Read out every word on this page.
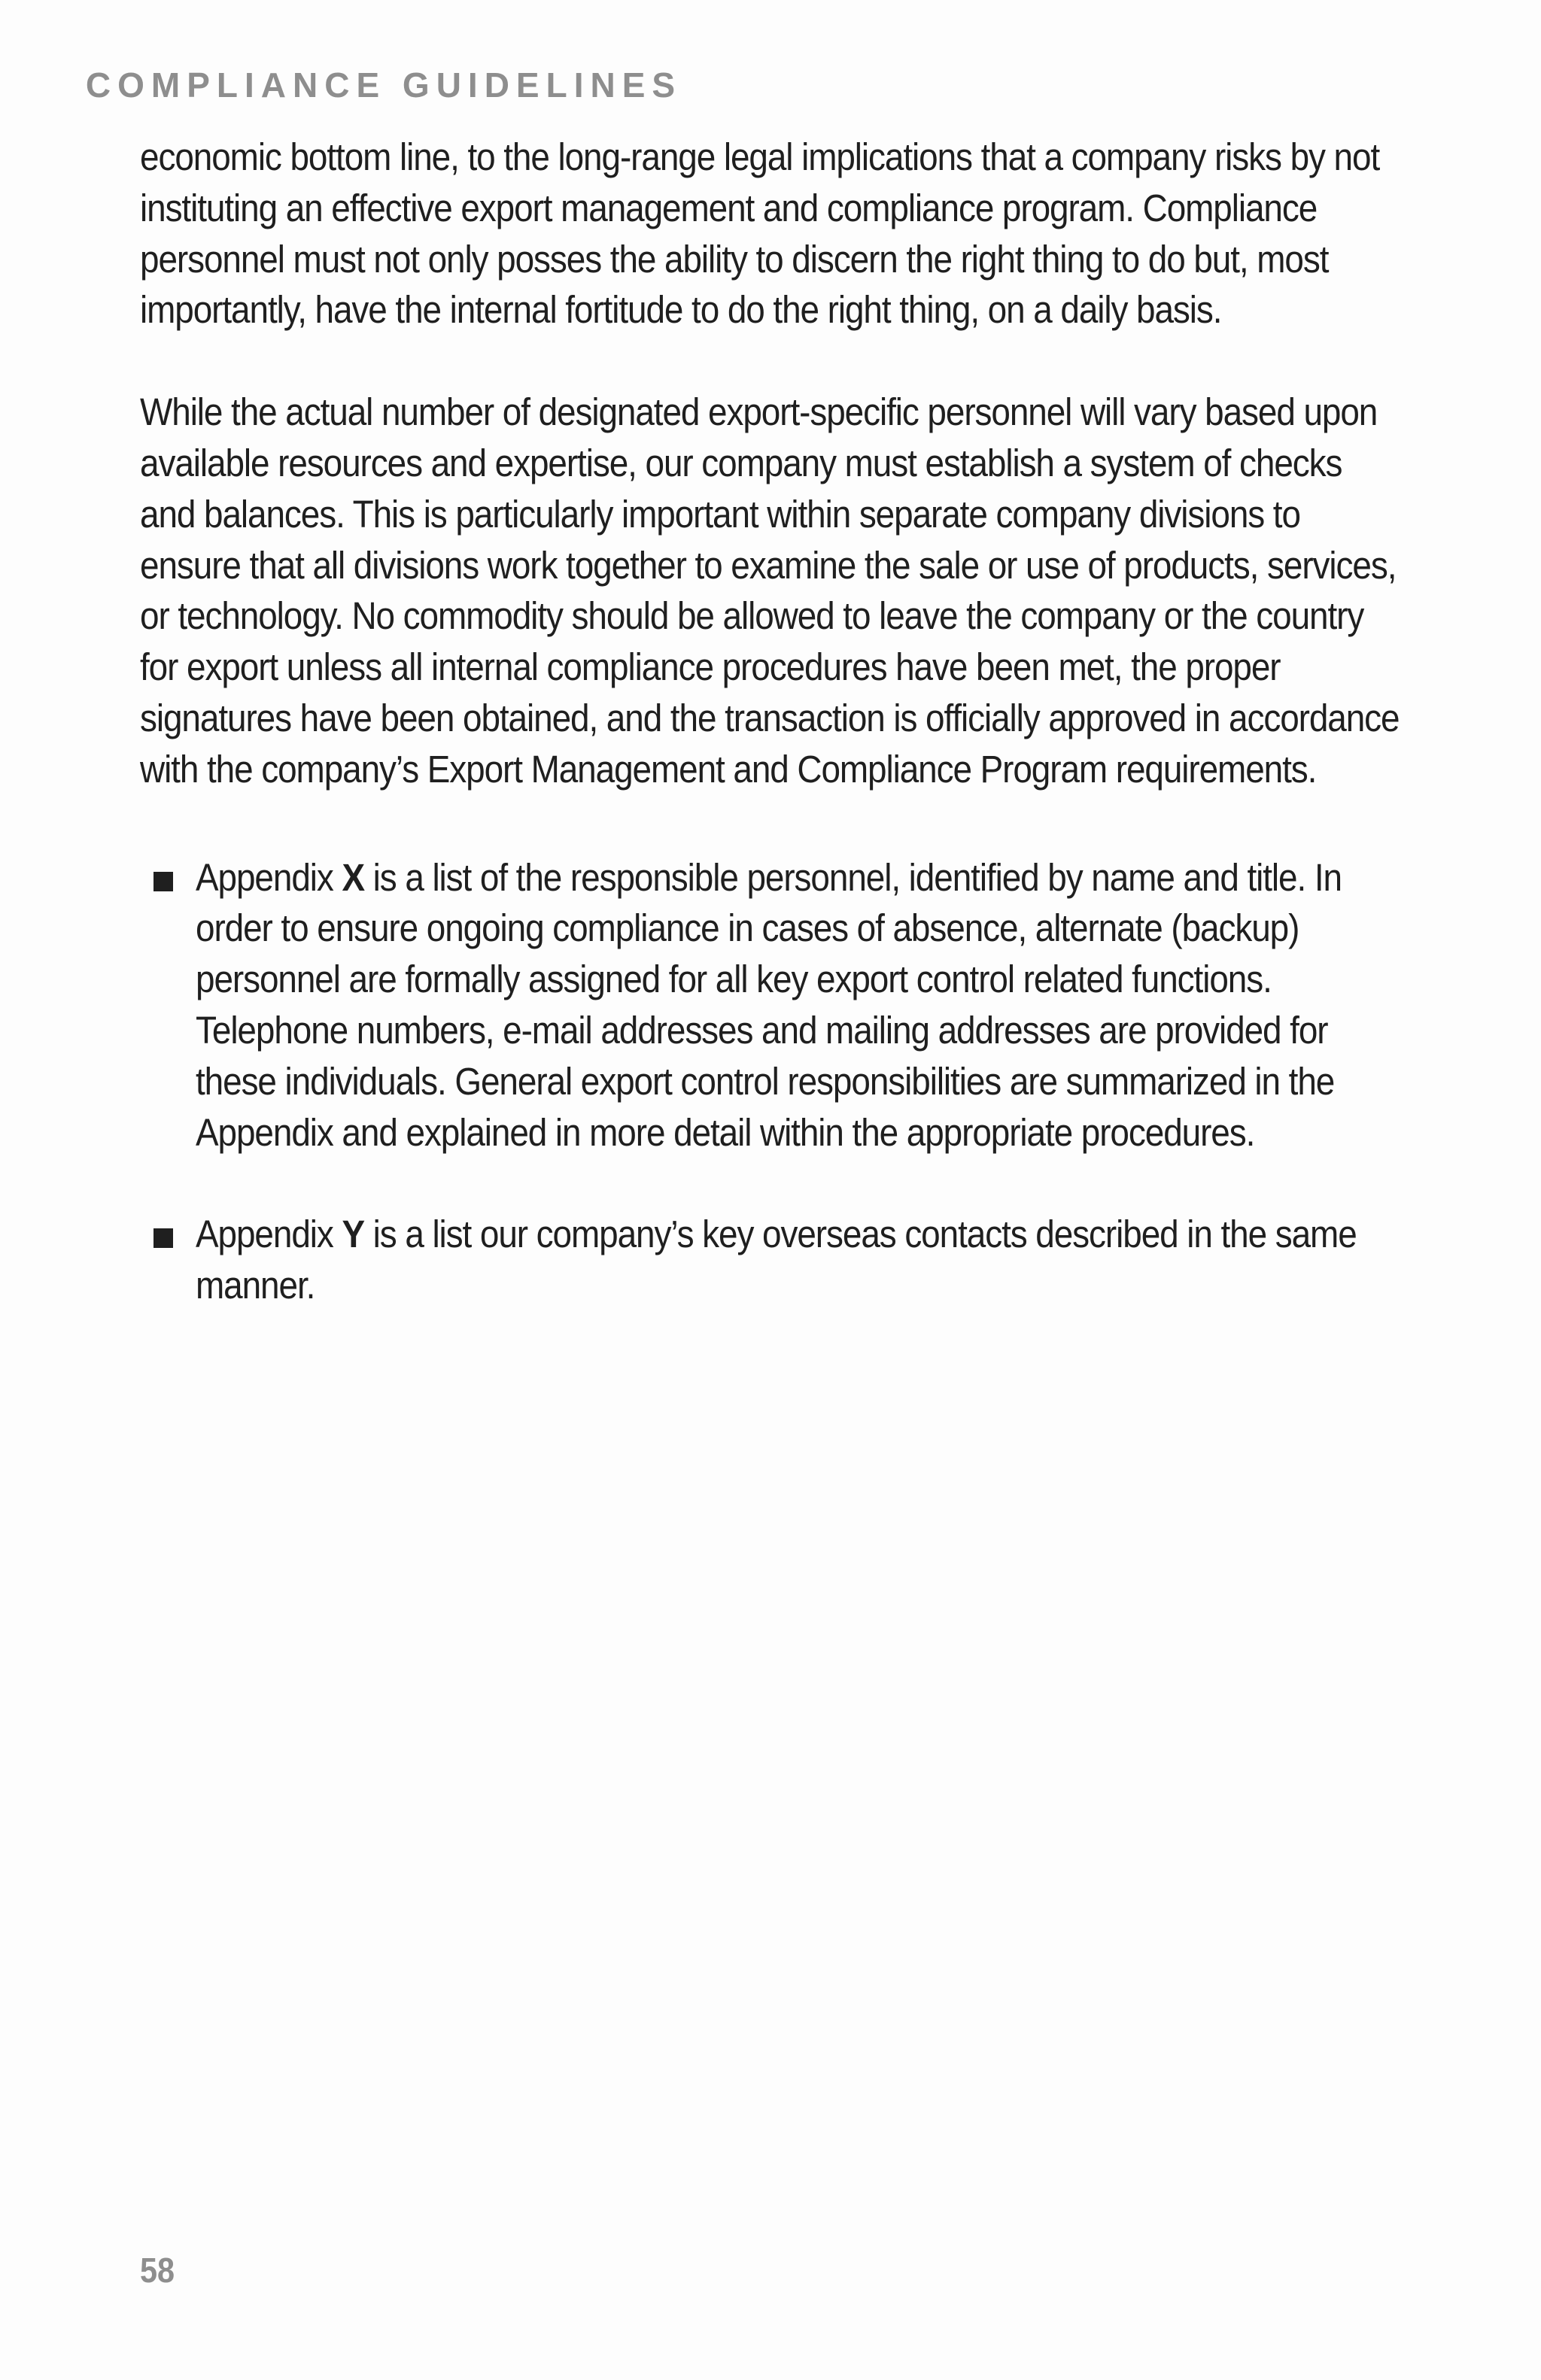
COMPLIANCE GUIDELINES

economic bottom line, to the long-range legal implications that a company risks by not instituting an effective export management and compliance program. Compliance personnel must not only posses the ability to discern the right thing to do but, most importantly, have the internal fortitude to do the right thing, on a daily basis.

While the actual number of designated export-specific personnel will vary based upon available resources and expertise, our company must establish a system of checks and balances. This is particularly important within separate company divisions to ensure that all divisions work together to examine the sale or use of products, services, or technology. No commodity should be allowed to leave the company or the country for export unless all internal compliance procedures have been met, the proper signatures have been obtained, and the transaction is officially approved in accordance with the company’s Export Management and Compliance Program requirements.

Appendix X is a list of the responsible personnel, identified by name and title. In order to ensure ongoing compliance in cases of absence, alternate (backup) personnel are formally assigned for all key export control related functions. Telephone numbers, e-mail addresses and mailing addresses are provided for these individuals. General export control responsibilities are summarized in the Appendix and explained in more detail within the appropriate procedures.

Appendix Y is a list our company’s key overseas contacts described in the same manner.

58
